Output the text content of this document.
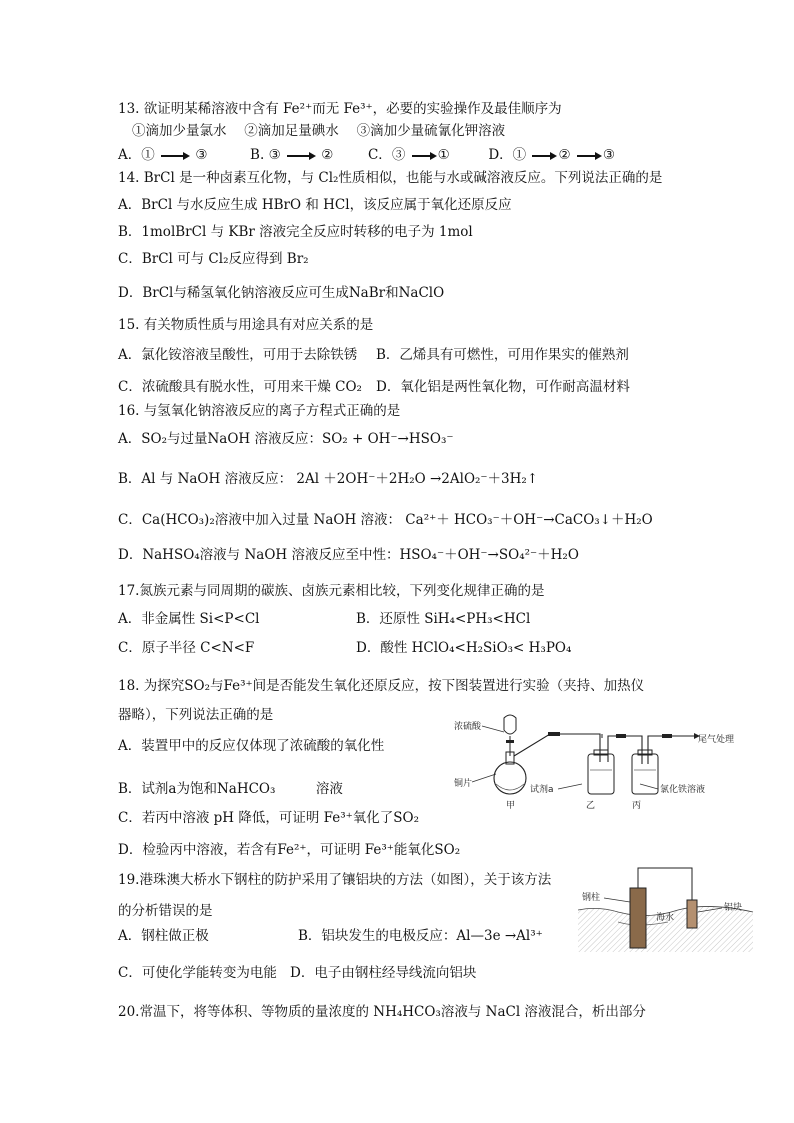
13. 欲证明某稀溶液中含有 Fe²⁺而无 Fe³⁺，必要的实验操作及最佳顺序为
①滴加少量氯水　 ②滴加足量碘水　 ③滴加少量硫氰化钾溶液
A．①	③	B. ③	②	C．③ ①	D．① ② ③
14. BrCl 是一种卤素互化物，与 Cl₂性质相似，也能与水或碱溶液反应。下列说法正确的是
A．BrCl 与水反应生成 HBrO 和 HCl，该反应属于氧化还原反应
B．1molBrCl 与 KBr 溶液完全反应时转移的电子为 1mol
C．BrCl 可与 Cl₂反应得到 Br₂
D．BrCl与稀氢氧化钠溶液反应可生成NaBr和NaClO
15. 有关物质性质与用途具有对应关系的是
A．氯化铵溶液呈酸性，可用于去除铁锈 B．乙烯具有可燃性，可用作果实的催熟剂
C．浓硫酸具有脱水性，可用来干燥 CO₂ D．氧化铝是两性氧化物，可作耐高温材料
16. 与氢氧化钠溶液反应的离子方程式正确的是
A．SO₂与过量NaOH 溶液反应：SO₂ + OH⁻→HSO₃⁻
B．Al 与 NaOH 溶液反应： 2Al ＋2OH⁻＋2H₂O →2AlO₂⁻＋3H₂↑
C．Ca(HCO₃)₂溶液中加入过量 NaOH 溶液： Ca²⁺＋ HCO₃⁻＋OH⁻→CaCO₃↓＋H₂O
D．NaHSO₄溶液与 NaOH 溶液反应至中性：HSO₄⁻＋OH⁻→SO₄²⁻＋H₂O
17.氮族元素与同周期的碳族、卤族元素相比较，下列变化规律正确的是
A．非金属性 Si<P<Cl	B．还原性 SiH₄<PH₃<HCl
C．原子半径 C<N<F	D．酸性 HClO₄<H₂SiO₃< H₃PO₄
18. 为探究SO₂与Fe³⁺间是否能发生氧化还原反应，按下图装置进行实验（夹持、加热仪
器略），下列说法正确的是
A．装置甲中的反应仅体现了浓硫酸的氧化性
B．试剂a为饱和NaHCO₃　　　溶液
C．若丙中溶液 pH 降低，可证明 Fe³⁺氧化了SO₂
D．检验丙中溶液，若含有Fe²⁺，可证明 Fe³⁺能氧化SO₂
浓硫酸
铜片
尾气处理
试剂a	氯化铁溶液
甲	乙	丙
19.港珠澳大桥水下钢柱的防护采用了镶铝块的方法（如图），关于该方法
的分析错误的是
A．钢柱做正极	B．铝块发生的电极反应：Al—3e →Al³⁺
C．可使化学能转变为电能 D．电子由钢柱经导线流向铝块
钢柱
海水
铝块
20.常温下，将等体积、等物质的量浓度的 NH₄HCO₃溶液与 NaCl 溶液混合，析出部分
